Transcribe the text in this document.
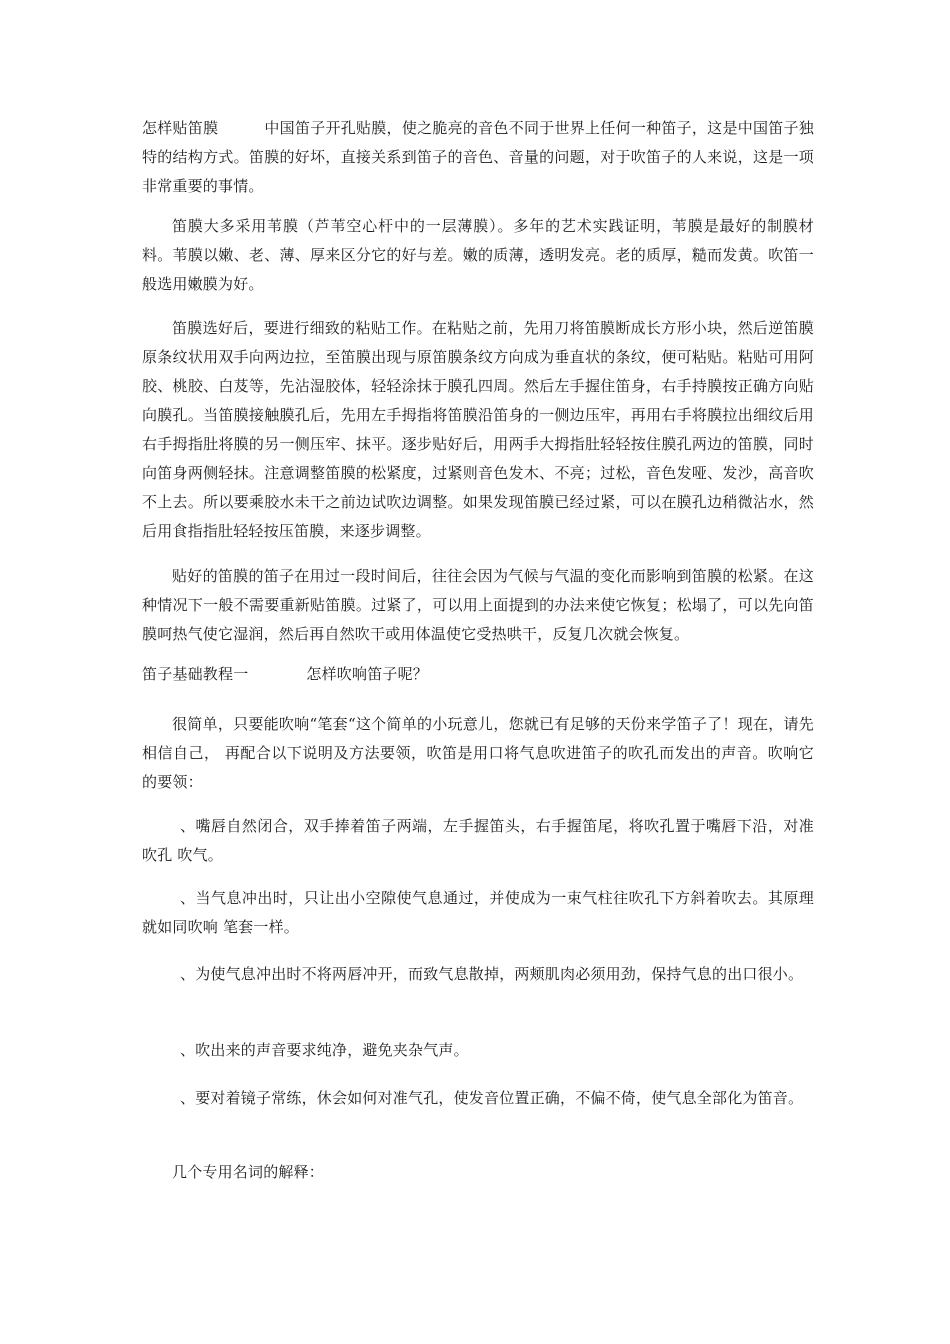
怎样贴笛膜	中国笛子开孔贴膜，使之脆亮的音色不同于世界上任何一种笛子，这是中国笛子独特的结构方式。笛膜的好坏，直接关系到笛子的音色、音量的问题，对于吹笛子的人来说，这是一项非常重要的事情。

笛膜大多采用苇膜（芦苇空心杆中的一层薄膜）。多年的艺术实践证明，苇膜是最好的制膜材料。苇膜以嫩、老、薄、厚来区分它的好与差。嫩的质薄，透明发亮。老的质厚，糙而发黄。吹笛一般选用嫩膜为好。

笛膜选好后，要进行细致的粘贴工作。在粘贴之前，先用刀将笛膜断成长方形小块，然后逆笛膜原条纹状用双手向两边拉，至笛膜出现与原笛膜条纹方向成为垂直状的条纹，便可粘贴。粘贴可用阿胶、桃胶、白芨等，先沾湿胶体，轻轻涂抹于膜孔四周。然后左手握住笛身，右手持膜按正确方向贴向膜孔。当笛膜接触膜孔后，先用左手拇指将笛膜沿笛身的一侧边压牢，再用右手将膜拉出细纹后用右手拇指肚将膜的另一侧压牢、抹平。逐步贴好后，用两手大拇指肚轻轻按住膜孔两边的笛膜，同时向笛身两侧轻抹。注意调整笛膜的松紧度，过紧则音色发木、不亮；过松，音色发哑、发沙，高音吹不上去。所以要乘胶水未干之前边试吹边调整。如果发现笛膜已经过紧，可以在膜孔边稍微沾水，然后用食指指肚轻轻按压笛膜，来逐步调整。

贴好的笛膜的笛子在用过一段时间后，往往会因为气候与气温的变化而影响到笛膜的松紧。在这种情况下一般不需要重新贴笛膜。过紧了，可以用上面提到的办法来使它恢复；松塌了，可以先向笛膜呵热气使它湿润，然后再自然吹干或用体温使它受热哄干，反复几次就会恢复。

笛子基础教程一	怎样吹响笛子呢？

很简单，只要能吹响“笔套“这个简单的小玩意儿，您就已有足够的天份来学笛子了！现在，请先相信自己， 再配合以下说明及方法要领，吹笛是用口将气息吹进笛子的吹孔而发出的声音。吹响它的要领：

、嘴唇自然闭合，双手捧着笛子两端，左手握笛头，右手握笛尾，将吹孔置于嘴唇下沿，对准吹孔 吹气。

、当气息冲出时，只让出小空隙使气息通过，并使成为一束气柱往吹孔下方斜着吹去。其原理就如同吹响 笔套一样。

、为使气息冲出时不将两唇冲开，而致气息散掉，两颊肌肉必须用劲，保持气息的出口很小。

、吹出来的声音要求纯净，避免夹杂气声。

、要对着镜子常练，休会如何对准气孔，使发音位置正确，不偏不倚，使气息全部化为笛音。

几个专用名词的解释：
